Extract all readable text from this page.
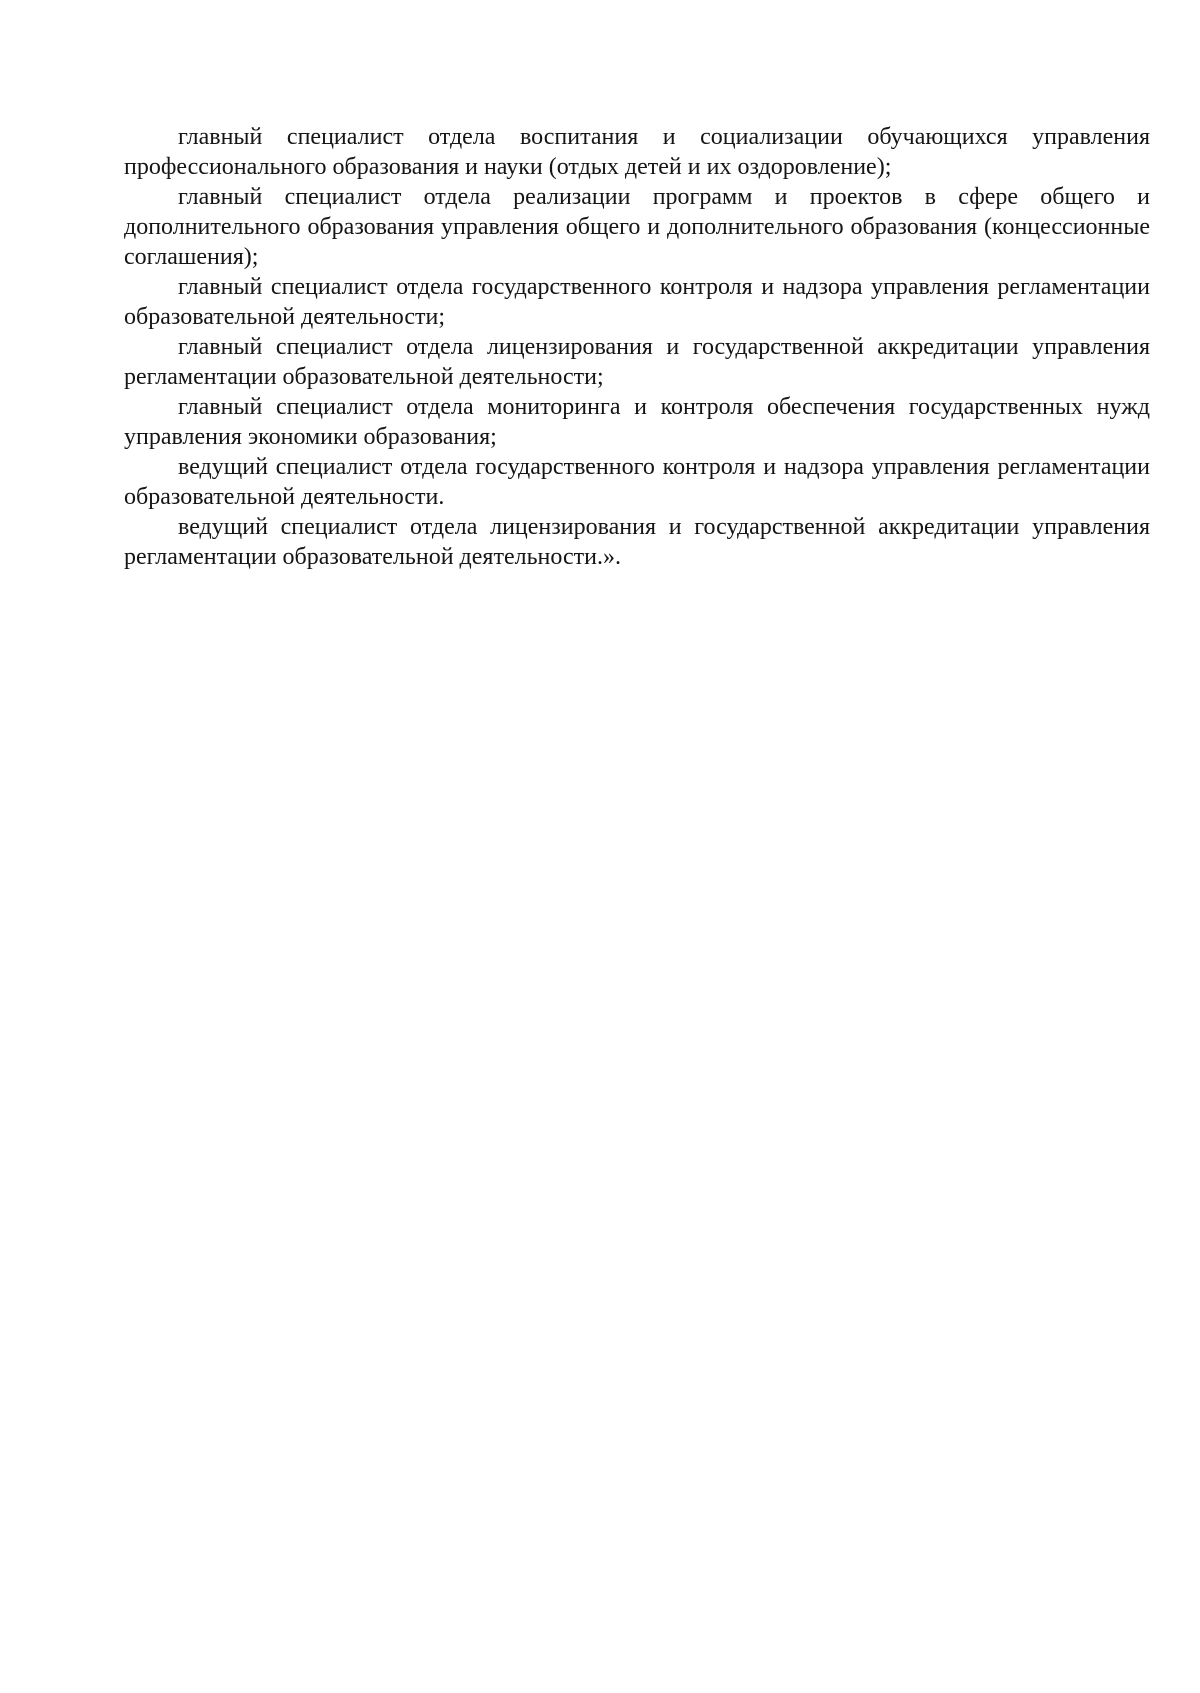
главный специалист отдела воспитания и социализации обучающихся управления профессионального образования и науки (отдых детей и их оздоровление);

главный специалист отдела реализации программ и проектов в сфере общего и дополнительного образования управления общего и дополнительного образования (концессионные соглашения);

главный специалист отдела государственного контроля и надзора управления регламентации образовательной деятельности;

главный специалист отдела лицензирования и государственной аккредитации управления регламентации образовательной деятельности;

главный специалист отдела мониторинга и контроля обеспечения государственных нужд управления экономики образования;

ведущий специалист отдела государственного контроля и надзора управления регламентации образовательной деятельности.

ведущий специалист отдела лицензирования и государственной аккредитации управления регламентации образовательной деятельности.».
